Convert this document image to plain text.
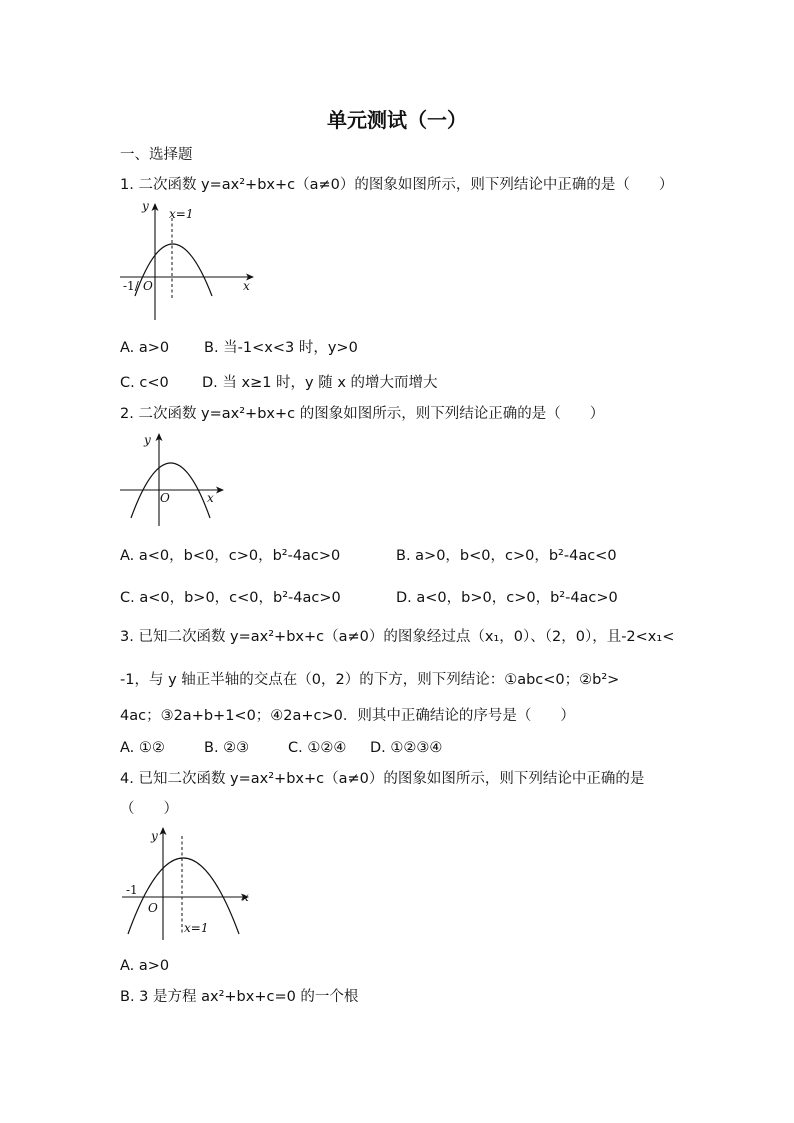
单元测试（一）
一、选择题
1. 二次函数 y=ax²+bx+c（a≠0）的图象如图所示，则下列结论中正确的是（　　）
y
x=1
x
-1/ O
A. a>0 B. 当-1<x<3 时，y>0
C. c<0 D. 当 x≥1 时，y 随 x 的增大而增大
2. 二次函数 y=ax²+bx+c 的图象如图所示，则下列结论正确的是（　　）
y
O	x
A. a<0，b<0，c>0，b²-4ac>0	B. a>0，b<0，c>0，b²-4ac<0
C. a<0，b>0，c<0，b²-4ac>0	D. a<0，b>0，c>0，b²-4ac>0
3. 已知二次函数 y=ax²+bx+c（a≠0）的图象经过点（x₁，0）、（2，0），且-2<x₁<
-1，与 y 轴正半轴的交点在（0，2）的下方，则下列结论：①abc<0；②b²>
4ac；③2a+b+1<0；④2a+c>0．则其中正确结论的序号是（　　）
A. ①②	B. ②③	C. ①②④ D. ①②③④
4. 已知二次函数 y=ax²+bx+c（a≠0）的图象如图所示，则下列结论中正确的是
（　　）
y
-1
O
x
x=1
A. a>0
B. 3 是方程 ax²+bx+c=0 的一个根
